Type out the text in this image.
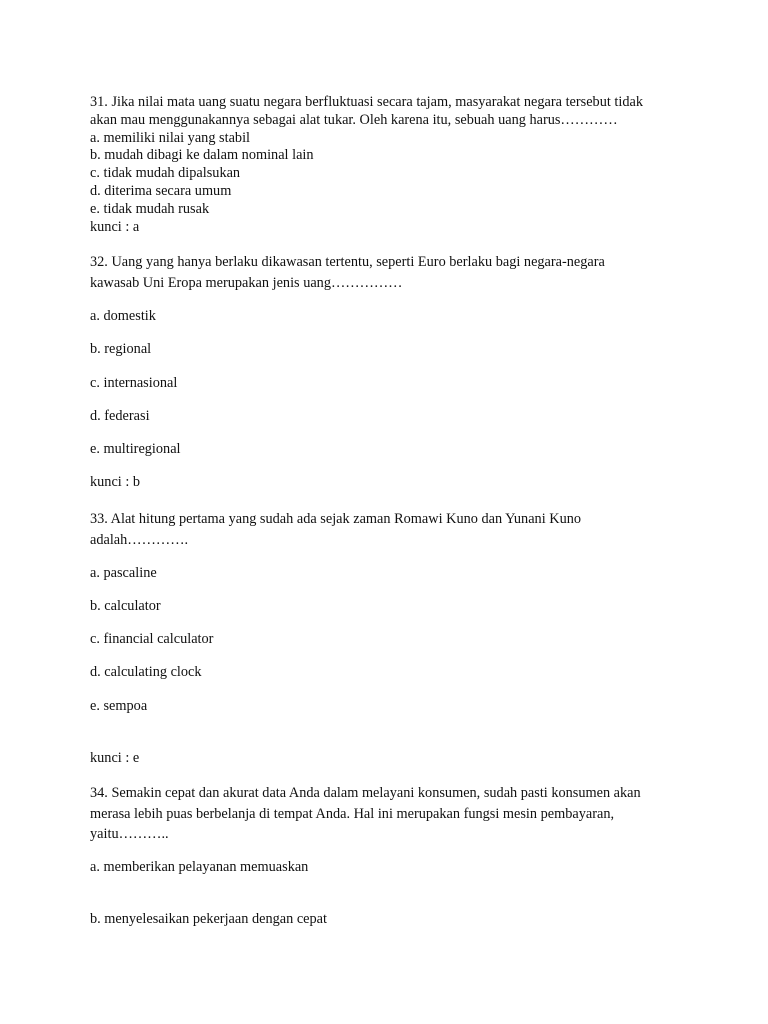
31. Jika nilai mata uang suatu negara berfluktuasi secara tajam, masyarakat negara tersebut tidak

akan mau menggunakannya sebagai alat tukar. Oleh karena itu, sebuah uang harus…………

a. memiliki nilai yang stabil

b. mudah dibagi ke dalam nominal lain

c. tidak mudah dipalsukan

d. diterima secara umum

e. tidak mudah rusak

kunci : a

32. Uang yang hanya berlaku dikawasan tertentu, seperti Euro berlaku bagi negara-negara

kawasab Uni Eropa merupakan jenis uang……………

a. domestik

b. regional

c. internasional

d. federasi

e. multiregional

kunci : b

33. Alat hitung pertama yang sudah ada sejak zaman Romawi Kuno dan Yunani Kuno

adalah………….

a. pascaline

b. calculator

c. financial calculator

d. calculating clock

e. sempoa

kunci : e

34. Semakin cepat dan akurat data Anda dalam melayani konsumen, sudah pasti konsumen akan

merasa lebih puas berbelanja di tempat Anda. Hal ini merupakan fungsi mesin pembayaran,

yaitu………..

a. memberikan pelayanan memuaskan

b. menyelesaikan pekerjaan dengan cepat
